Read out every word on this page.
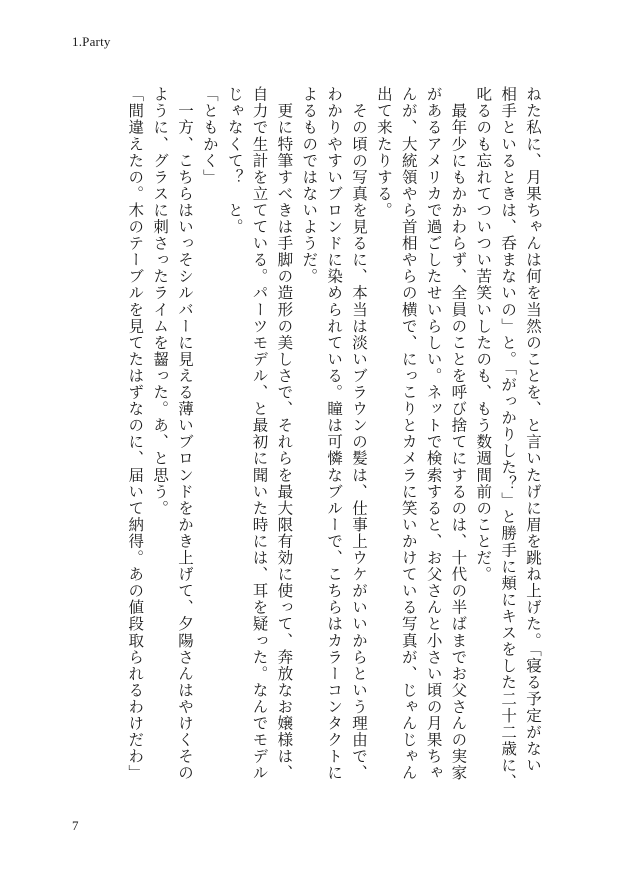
1.Party
ねた私に、月果ちゃんは何を当然のことを、と言いたげに眉を跳ね上げた。「寝る予定がない
相手といるときは、呑まないの」と。「がっかりした？」と勝手に頬にキスをした二十二歳に、
叱るのも忘れてついつい苦笑いしたのも、もう数週間前のことだ。
　最年少にもかかわらず、全員のことを呼び捨てにするのは、十代の半ばまでお父さんの実家
があるアメリカで過ごしたせいらしい。ネットで検索すると、お父さんと小さい頃の月果ちゃ
んが、大統領やら首相やらの横で、にっこりとカメラに笑いかけている写真が、じゃんじゃん
出て来たりする。
　その頃の写真を見るに、本当は淡いブラウンの髪は、仕事上ウケがいいからという理由で、
わかりやすいブロンドに染められている。瞳は可憐なブルーで、こちらはカラーコンタクトに
よるものではないようだ。
　更に特筆すべきは手脚の造形の美しさで、それらを最大限有効に使って、奔放なお嬢様は、
自力で生計を立てている。パーツモデル、と最初に聞いた時には、耳を疑った。なんでモデル
じゃなくて？　と。
「ともかく」
　一方、こちらはいっそシルバーに見える薄いブロンドをかき上げて、夕陽さんはやけくその
ように、グラスに刺さったライムを齧った。あ、と思う。
「間違えたの。木のテーブルを見てたはずなのに、届いて納得。あの値段取られるわけだわ」
7
